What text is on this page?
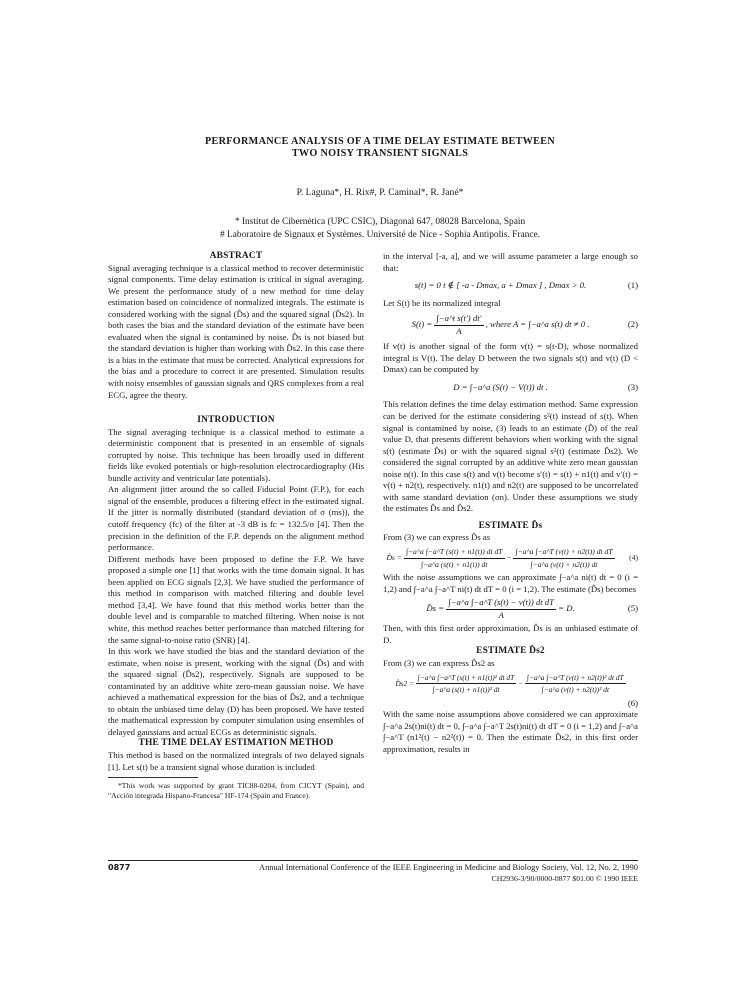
PERFORMANCE ANALYSIS OF A TIME DELAY ESTIMATE BETWEEN
TWO NOISY TRANSIENT SIGNALS
P. Laguna*, H. Rix#, P. Caminal*, R. Jané*
* Institut de Cibernètica (UPC CSIC), Diagonal 647, 08028 Barcelona, Spain
# Laboratoire de Signaux et Systèmes. Université de Nice - Sophia Antipolis. France.

ABSTRACT

Signal averaging technique is a classical method to recover deterministic signal components. Time delay estimation is critical in signal averaging. We present the performance study of a new method for time delay estimation based on coincidence of normalized integrals. The estimate is considered working with the signal (D̂s) and the squared signal (D̂s2). In both cases the bias and the standard deviation of the estimate have been evaluated when the signal is contamined by noise. D̂s is not biased but the standard deviation is higher than working with D̂s2. In this case there is a bias in the estimate that must be corrected. Analytical expressions for the bias and a procedure to correct it are presented. Simulation results with noisy ensembles of gaussian signals and QRS complexes from a real ECG, agree the theory.

INTRODUCTION

The signal averaging technique is a classical method to estimate a deterministic component that is presented in an ensemble of signals corrupted by noise. This technique has been broadly used in different fields like evoked potentials or high-resolution electrocardiography (His bundle activity and ventricular late potentials).

An alignment jitter around the so called Fiducial Point (F.P.), for each signal of the ensemble, produces a filtering effect in the estimated signal. If the jitter is normally distributed (standard deviation of σ (ms)), the cutoff frequency (fc) of the filter at -3 dB is fc = 132.5/σ [4]. Then the precision in the definition of the F.P. depends on the alignment method performance.

Different methods have been proposed to define the F.P. We have proposed a simple one [1] that works with the time domain signal. It has been applied on ECG signals [2,3]. We have studied the performance of this method in comparison with matched filtering and double level method [3,4]. We have found that this method works better than the double level and is comparable to matched filtering. When noise is not white, this method reaches better performance than matched filtering for the same signal-to-noise ratio (SNR) [4].

In this work we have studied the bias and the standard deviation of the estimate, when noise is present, working with the signal (D̂s) and with the squared signal (D̂s2), respectively. Signals are supposed to be contaminated by an additive white zero-mean gaussian noise. We have achieved a mathematical expression for the bias of D̂s2, and a technique to obtain the unbiased time delay (D) has been proposed. We have tested the mathematical expression by computer simulation using ensembles of delayed gaussians and actual ECGs as deterministic signals.

THE TIME DELAY ESTIMATION METHOD

This method is based on the normalized integrals of two delayed signals [1]. Let s(t) be a transient signal whose duration is included

*This work was supported by grant TIC88-0204, from CICYT (Spain), and "Acción integrada Hispano-Francesa" HF-174 (Spain and France).

in the interval [-a, a], and we will assume parameter a large enough so that:

s(t) = 0 t ∉ [ -a - Dmax, a + Dmax ] , Dmax > 0.	(1)

Let S(t) be its normalized integral

$S(t) = \frac{\text{∫−a\textasciicircum{}t s(t′) dt′}}{A}$ , where A = ∫−a^a s(t) dt ≠ 0 .	(2)

If v(t) is another signal of the form v(t) = s(t-D), whose normalized integral is V(t). The delay D between the two signals s(t) and v(t) (D < Dmax) can be computed by

D = ∫−a^a (S(t) − V(t)) dt .	(3)

This relation defines the time delay estimation method. Same expression can be derived for the estimate considering s²(t) instead of s(t). When signal is contamined by noise, (3) leads to an estimate (D̂) of the real value D, that presents different behaviors when working with the signal s(t) (estimate D̂s) or with the squared signal s²(t) (estimate D̂s2). We considered the signal corrupted by an additive white zero mean gaussian noise n(t). In this case s(t) and v(t) become s′(t) = s(t) + n1(t) and v′(t) = v(t) + n2(t), respectively. n1(t) and n2(t) are supposed to be uncorrelated with same standard deviation (σn). Under these assumptions we study the estimates D̂s and D̂s2.

ESTIMATE D̂s

From (3) we can express D̂s as

D̂s = $\frac{\text{∫−a\textasciicircum{}a ∫−a\textasciicircum{}T (s(t) + n1(t)) dt dT}}{\int-a\^{}a (s(t) + n1(t)) dt} - \frac{\text{∫−a\textasciicircum{}a ∫−a\textasciicircum{}T (v(t) + n2(t)) dt dT}}{\int-a\^{}a (v(t) + n2(t)) dt}$	(4)

With the noise assumptions we can approximate ∫−a^a ni(t) dt = 0 (i = 1,2) and ∫−a^a ∫−a^T ni(t) dt dT = 0 (i = 1,2). The estimate (D̂s) becomes

D̂s = $\frac{\text{∫−a\textasciicircum{}a ∫−a\textasciicircum{}T (s(t) − v(t)) dt dT}}{A} = D$.	(5)

Then, with this first order approximation, D̂s is an unbiased estimate of D.

ESTIMATE D̂s2

From (3) we can express D̂s2 as

D̂s2 = $\frac{\text{∫−a\textasciicircum{}a ∫−a\textasciicircum{}T (s(t) + n1(t))² dt dT}}{\text{∫−a\textasciicircum{}a (s(t) + n1(t))² dt}} - \frac{\text{∫−a\textasciicircum{}a ∫−a\textasciicircum{}T (v(t) + n2(t))² dt dT}}{\text{∫−a\textasciicircum{}a (v(t) + n2(t))² dt}}$
(6)

With the same noise assumptions above considered we can approximate ∫−a^a 2s(t)ni(t) dt = 0, ∫−a^a ∫−a^T 2s(t)ni(t) dt dT = 0 (i = 1,2) and ∫−a^a ∫−a^T (n1²(t) − n2²(t)) = 0. Then the estimate D̂s2, in this first order approximation, results in

0877	Annual International Conference of the IEEE Engineering in Medicine and Biology Society, Vol. 12, No. 2, 1990
CH2936-3/90/0000-0877 $01.00 © 1990 IEEE
